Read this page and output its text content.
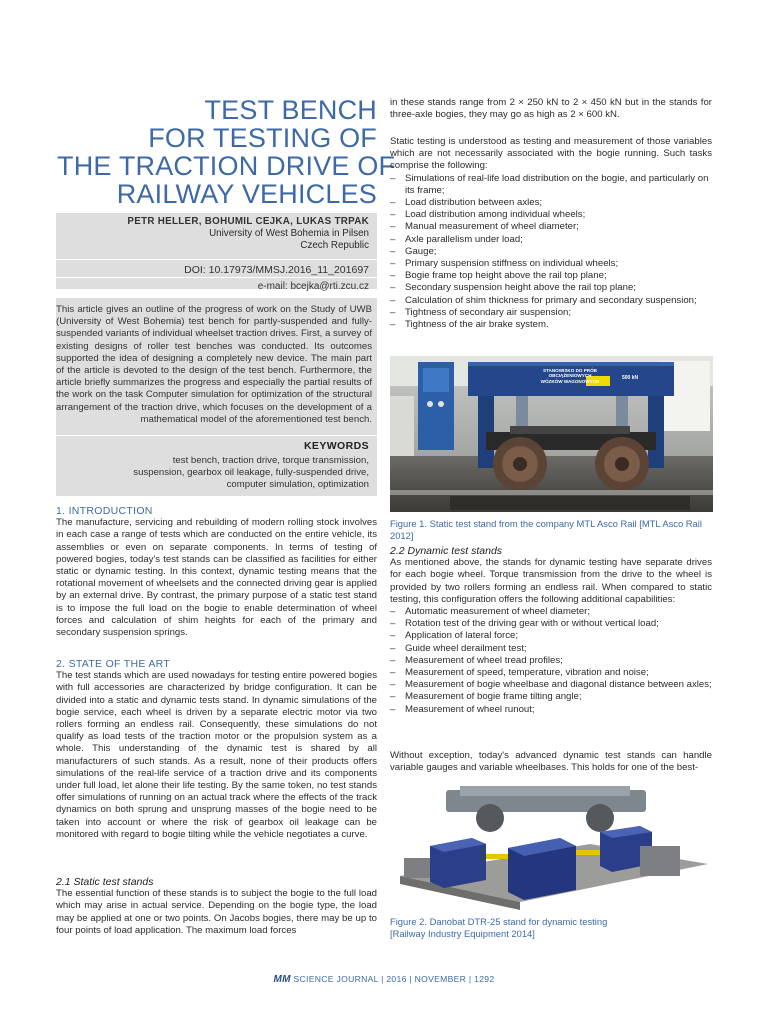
TEST BENCH
FOR TESTING OF
THE TRACTION DRIVE OF
RAILWAY VEHICLES
PETR HELLER, BOHUMIL CEJKA, LUKAS TRPAK
University of West Bohemia in Pilsen
Czech Republic
DOI: 10.17973/MMSJ.2016_11_201697
e-mail: bcejka@rti.zcu.cz
This article gives an outline of the progress of work on the Study of UWB (University of West Bohemia) test bench for partly-suspended and fully-suspended variants of individual wheelset traction drives. First, a survey of existing designs of roller test benches was conducted. Its outcomes supported the idea of designing a completely new device. The main part of the article is devoted to the design of the test bench. Furthermore, the article briefly summarizes the progress and especially the partial results of the work on the task Computer simulation for optimization of the structural arrangement of the traction drive, which focuses on the development of a mathematical model of the aforementioned test bench.
KEYWORDS
test bench, traction drive, torque transmission,
suspension, gearbox oil leakage, fully-suspended drive,
computer simulation, optimization
1. INTRODUCTION
The manufacture, servicing and rebuilding of modern rolling stock involves in each case a range of tests which are conducted on the entire vehicle, its assemblies or even on separate components. In terms of testing of powered bogies, today's test stands can be classified as facilities for either static or dynamic testing. In this context, dynamic testing means that the rotational movement of wheelsets and the connected driving gear is applied by an external drive. By contrast, the primary purpose of a static test stand is to impose the full load on the bogie to enable determination of wheel forces and calculation of shim heights for each of the primary and secondary suspension springs.
2. STATE OF THE ART
The test stands which are used nowadays for testing entire powered bogies with full accessories are characterized by bridge configuration. It can be divided into a static and dynamic tests stand. In dynamic simulations of the bogie service, each wheel is driven by a separate electric motor via two rollers forming an endless rail. Consequently, these simulations do not qualify as load tests of the traction motor or the propulsion system as a whole. This understanding of the dynamic test is shared by all manufacturers of such stands. As a result, none of their products offers simulations of the real-life service of a traction drive and its components under full load, let alone their life testing. By the same token, no test stands offer simulations of running on an actual track where the effects of the track dynamics on both sprung and unsprung masses of the bogie need to be taken into account or where the risk of gearbox oil leakage can be monitored with regard to bogie tilting while the vehicle negotiates a curve.
2.1 Static test stands
The essential function of these stands is to subject the bogie to the full load which may arise in actual service. Depending on the bogie type, the load may be applied at one or two points. On Jacobs bogies, there may be up to four points of load application. The maximum load forces
in these stands range from 2 × 250 kN to 2 × 450 kN but in the stands for three-axle bogies, they may go as high as 2 × 600 kN.
Static testing is understood as testing and measurement of those variables which are not necessarily associated with the bogie running. Such tasks comprise the following:
– Simulations of real-life load distribution on the bogie, and particularly on its frame;
– Load distribution between axles;
– Load distribution among individual wheels;
– Manual measurement of wheel diameter;
– Axle parallelism under load;
– Gauge;
– Primary suspension stiffness on individual wheels;
– Bogie frame top height above the rail top plane;
– Secondary suspension height above the rail top plane;
– Calculation of shim thickness for primary and secondary suspension;
– Tightness of secondary air suspension;
– Tightness of the air brake system.
STANOWISKO DO PRÓB
OBCIĄŻENIOWYCH
WÓZKÓW WAGONOWYCH
500 kN
Figure 1. Static test stand from the company MTL Asco Rail [MTL Asco Rail 2012]
2.2 Dynamic test stands
As mentioned above, the stands for dynamic testing have separate drives for each bogie wheel. Torque transmission from the drive to the wheel is provided by two rollers forming an endless rail. When compared to static testing, this configuration offers the following additional capabilities:
– Automatic measurement of wheel diameter;
– Rotation test of the driving gear with or without vertical load;
– Application of lateral force;
– Guide wheel derailment test;
– Measurement of wheel tread profiles;
– Measurement of speed, temperature, vibration and noise;
– Measurement of bogie wheelbase and diagonal distance between axles;
– Measurement of bogie frame tilting angle;
– Measurement of wheel runout;
Without exception, today's advanced dynamic test stands can handle variable gauges and variable wheelbases. This holds for one of the best-
Figure 2. Danobat DTR-25 stand for dynamic testing
[Railway Industry Equipment 2014]
MM SCIENCE JOURNAL | 2016 | NOVEMBER | 1292
